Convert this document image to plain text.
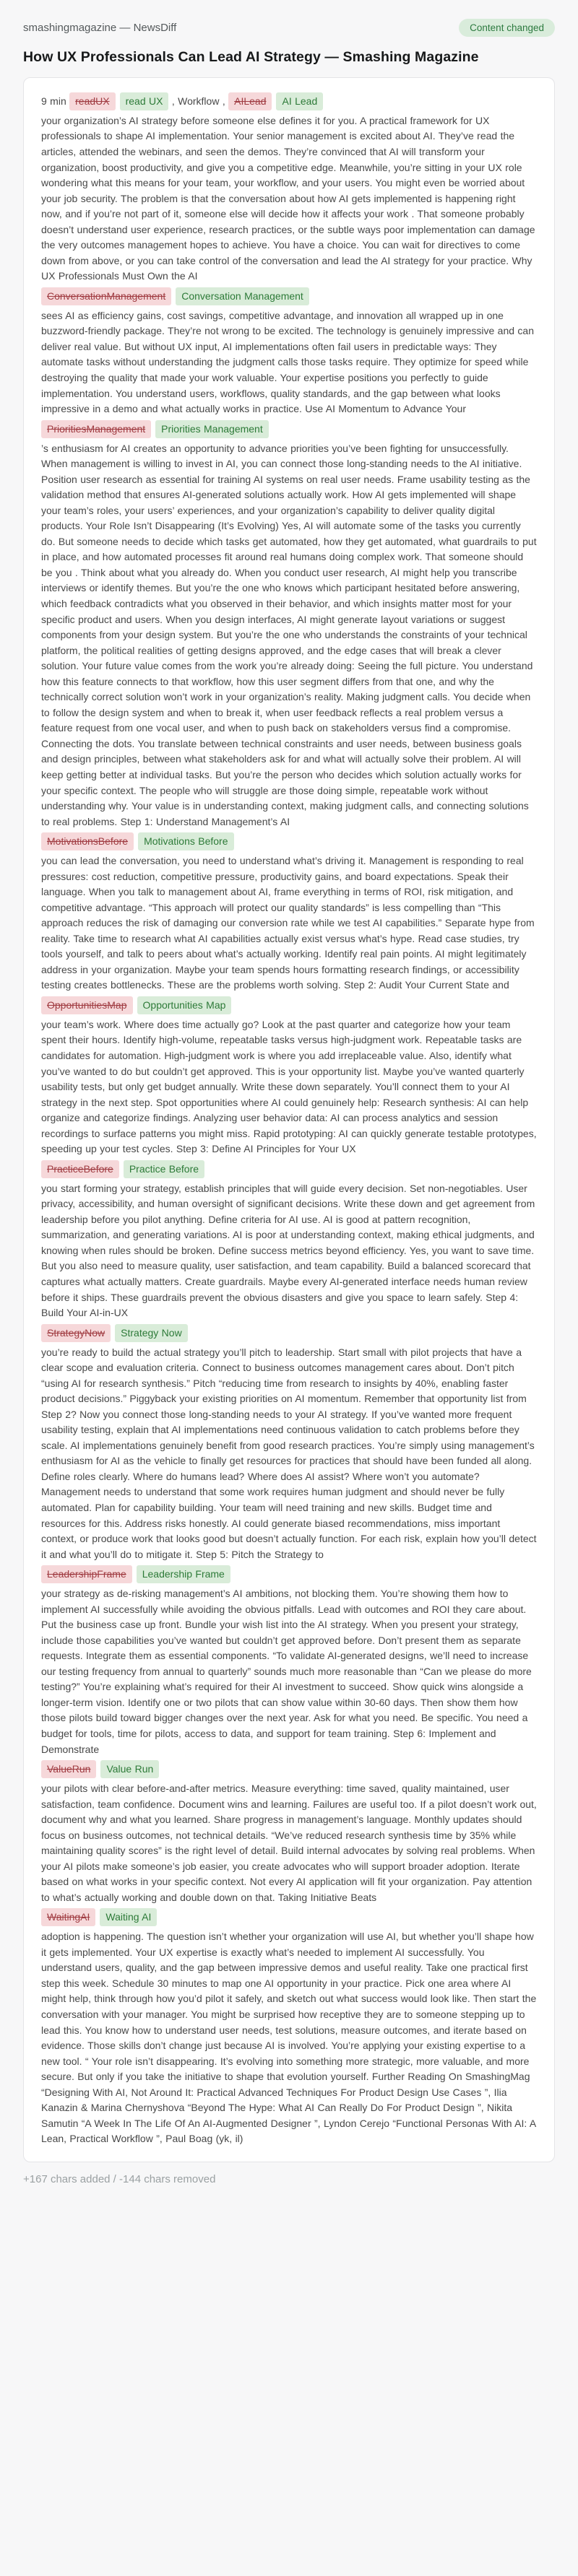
smashingmagazine — NewsDiff	Content changed
How UX Professionals Can Lead AI Strategy — Smashing Magazine
9 min readUX read UX , Workflow , AILead AI Lead
your organization’s AI strategy before someone else defines it for you. A practical framework for UX professionals to shape AI implementation. Your senior management is excited about AI. They’ve read the articles, attended the webinars, and seen the demos. They’re convinced that AI will transform your organization, boost productivity, and give you a competitive edge. Meanwhile, you’re sitting in your UX role wondering what this means for your team, your workflow, and your users. You might even be worried about your job security. The problem is that the conversation about how AI gets implemented is happening right now, and if you’re not part of it, someone else will decide how it affects your work . That someone probably doesn’t understand user experience, research practices, or the subtle ways poor implementation can damage the very outcomes management hopes to achieve. You have a choice. You can wait for directives to come down from above, or you can take control of the conversation and lead the AI strategy for your practice. Why UX Professionals Must Own the AI
ConversationManagement Conversation Management
sees AI as efficiency gains, cost savings, competitive advantage, and innovation all wrapped up in one buzzword-friendly package. They’re not wrong to be excited. The technology is genuinely impressive and can deliver real value. But without UX input, AI implementations often fail users in predictable ways: They automate tasks without understanding the judgment calls those tasks require. They optimize for speed while destroying the quality that made your work valuable. Your expertise positions you perfectly to guide implementation. You understand users, workflows, quality standards, and the gap between what looks impressive in a demo and what actually works in practice. Use AI Momentum to Advance Your
PrioritiesManagement Priorities Management
’s enthusiasm for AI creates an opportunity to advance priorities you’ve been fighting for unsuccessfully. When management is willing to invest in AI, you can connect those long-standing needs to the AI initiative. Position user research as essential for training AI systems on real user needs. Frame usability testing as the validation method that ensures AI-generated solutions actually work. How AI gets implemented will shape your team’s roles, your users’ experiences, and your organization’s capability to deliver quality digital products. Your Role Isn’t Disappearing (It’s Evolving) Yes, AI will automate some of the tasks you currently do. But someone needs to decide which tasks get automated, how they get automated, what guardrails to put in place, and how automated processes fit around real humans doing complex work. That someone should be you . Think about what you already do. When you conduct user research, AI might help you transcribe interviews or identify themes. But you’re the one who knows which participant hesitated before answering, which feedback contradicts what you observed in their behavior, and which insights matter most for your specific product and users. When you design interfaces, AI might generate layout variations or suggest components from your design system. But you’re the one who understands the constraints of your technical platform, the political realities of getting designs approved, and the edge cases that will break a clever solution. Your future value comes from the work you’re already doing: Seeing the full picture. You understand how this feature connects to that workflow, how this user segment differs from that one, and why the technically correct solution won’t work in your organization’s reality. Making judgment calls. You decide when to follow the design system and when to break it, when user feedback reflects a real problem versus a feature request from one vocal user, and when to push back on stakeholders versus find a compromise. Connecting the dots. You translate between technical constraints and user needs, between business goals and design principles, between what stakeholders ask for and what will actually solve their problem. AI will keep getting better at individual tasks. But you’re the person who decides which solution actually works for your specific context. The people who will struggle are those doing simple, repeatable work without understanding why. Your value is in understanding context, making judgment calls, and connecting solutions to real problems. Step 1: Understand Management’s AI
MotivationsBefore Motivations Before
you can lead the conversation, you need to understand what’s driving it. Management is responding to real pressures: cost reduction, competitive pressure, productivity gains, and board expectations. Speak their language. When you talk to management about AI, frame everything in terms of ROI, risk mitigation, and competitive advantage. “This approach will protect our quality standards” is less compelling than “This approach reduces the risk of damaging our conversion rate while we test AI capabilities.” Separate hype from reality. Take time to research what AI capabilities actually exist versus what’s hype. Read case studies, try tools yourself, and talk to peers about what’s actually working. Identify real pain points. AI might legitimately address in your organization. Maybe your team spends hours formatting research findings, or accessibility testing creates bottlenecks. These are the problems worth solving. Step 2: Audit Your Current State and
OpportunitiesMap Opportunities Map
your team’s work. Where does time actually go? Look at the past quarter and categorize how your team spent their hours. Identify high-volume, repeatable tasks versus high-judgment work. Repeatable tasks are candidates for automation. High-judgment work is where you add irreplaceable value. Also, identify what you’ve wanted to do but couldn’t get approved. This is your opportunity list. Maybe you’ve wanted quarterly usability tests, but only get budget annually. Write these down separately. You’ll connect them to your AI strategy in the next step. Spot opportunities where AI could genuinely help: Research synthesis: AI can help organize and categorize findings. Analyzing user behavior data: AI can process analytics and session recordings to surface patterns you might miss. Rapid prototyping: AI can quickly generate testable prototypes, speeding up your test cycles. Step 3: Define AI Principles for Your UX
PracticeBefore Practice Before
you start forming your strategy, establish principles that will guide every decision. Set non-negotiables. User privacy, accessibility, and human oversight of significant decisions. Write these down and get agreement from leadership before you pilot anything. Define criteria for AI use. AI is good at pattern recognition, summarization, and generating variations. AI is poor at understanding context, making ethical judgments, and knowing when rules should be broken. Define success metrics beyond efficiency. Yes, you want to save time. But you also need to measure quality, user satisfaction, and team capability. Build a balanced scorecard that captures what actually matters. Create guardrails. Maybe every AI-generated interface needs human review before it ships. These guardrails prevent the obvious disasters and give you space to learn safely. Step 4: Build Your AI-in-UX
StrategyNow Strategy Now
you’re ready to build the actual strategy you’ll pitch to leadership. Start small with pilot projects that have a clear scope and evaluation criteria. Connect to business outcomes management cares about. Don’t pitch “using AI for research synthesis.” Pitch “reducing time from research to insights by 40%, enabling faster product decisions.” Piggyback your existing priorities on AI momentum. Remember that opportunity list from Step 2? Now you connect those long-standing needs to your AI strategy. If you’ve wanted more frequent usability testing, explain that AI implementations need continuous validation to catch problems before they scale. AI implementations genuinely benefit from good research practices. You’re simply using management’s enthusiasm for AI as the vehicle to finally get resources for practices that should have been funded all along. Define roles clearly. Where do humans lead? Where does AI assist? Where won’t you automate? Management needs to understand that some work requires human judgment and should never be fully automated. Plan for capability building. Your team will need training and new skills. Budget time and resources for this. Address risks honestly. AI could generate biased recommendations, miss important context, or produce work that looks good but doesn’t actually function. For each risk, explain how you’ll detect it and what you’ll do to mitigate it. Step 5: Pitch the Strategy to
LeadershipFrame Leadership Frame
your strategy as de-risking management’s AI ambitions, not blocking them. You’re showing them how to implement AI successfully while avoiding the obvious pitfalls. Lead with outcomes and ROI they care about. Put the business case up front. Bundle your wish list into the AI strategy. When you present your strategy, include those capabilities you’ve wanted but couldn’t get approved before. Don’t present them as separate requests. Integrate them as essential components. “To validate AI-generated designs, we’ll need to increase our testing frequency from annual to quarterly” sounds much more reasonable than “Can we please do more testing?” You’re explaining what’s required for their AI investment to succeed. Show quick wins alongside a longer-term vision. Identify one or two pilots that can show value within 30-60 days. Then show them how those pilots build toward bigger changes over the next year. Ask for what you need. Be specific. You need a budget for tools, time for pilots, access to data, and support for team training. Step 6: Implement and Demonstrate
ValueRun Value Run
your pilots with clear before-and-after metrics. Measure everything: time saved, quality maintained, user satisfaction, team confidence. Document wins and learning. Failures are useful too. If a pilot doesn’t work out, document why and what you learned. Share progress in management’s language. Monthly updates should focus on business outcomes, not technical details. “We’ve reduced research synthesis time by 35% while maintaining quality scores” is the right level of detail. Build internal advocates by solving real problems. When your AI pilots make someone’s job easier, you create advocates who will support broader adoption. Iterate based on what works in your specific context. Not every AI application will fit your organization. Pay attention to what’s actually working and double down on that. Taking Initiative Beats
WaitingAI Waiting AI
adoption is happening. The question isn’t whether your organization will use AI, but whether you’ll shape how it gets implemented. Your UX expertise is exactly what’s needed to implement AI successfully. You understand users, quality, and the gap between impressive demos and useful reality. Take one practical first step this week. Schedule 30 minutes to map one AI opportunity in your practice. Pick one area where AI might help, think through how you’d pilot it safely, and sketch out what success would look like. Then start the conversation with your manager. You might be surprised how receptive they are to someone stepping up to lead this. You know how to understand user needs, test solutions, measure outcomes, and iterate based on evidence. Those skills don’t change just because AI is involved. You’re applying your existing expertise to a new tool. “ Your role isn’t disappearing. It’s evolving into something more strategic, more valuable, and more secure. But only if you take the initiative to shape that evolution yourself. Further Reading On SmashingMag “Designing With AI, Not Around It: Practical Advanced Techniques For Product Design Use Cases ”, Ilia Kanazin & Marina Chernyshova “Beyond The Hype: What AI Can Really Do For Product Design ”, Nikita Samutin “A Week In The Life Of An AI-Augmented Designer ”, Lyndon Cerejo “Functional Personas With AI: A Lean, Practical Workflow ”, Paul Boag (yk, il)
+167 chars added / -144 chars removed
